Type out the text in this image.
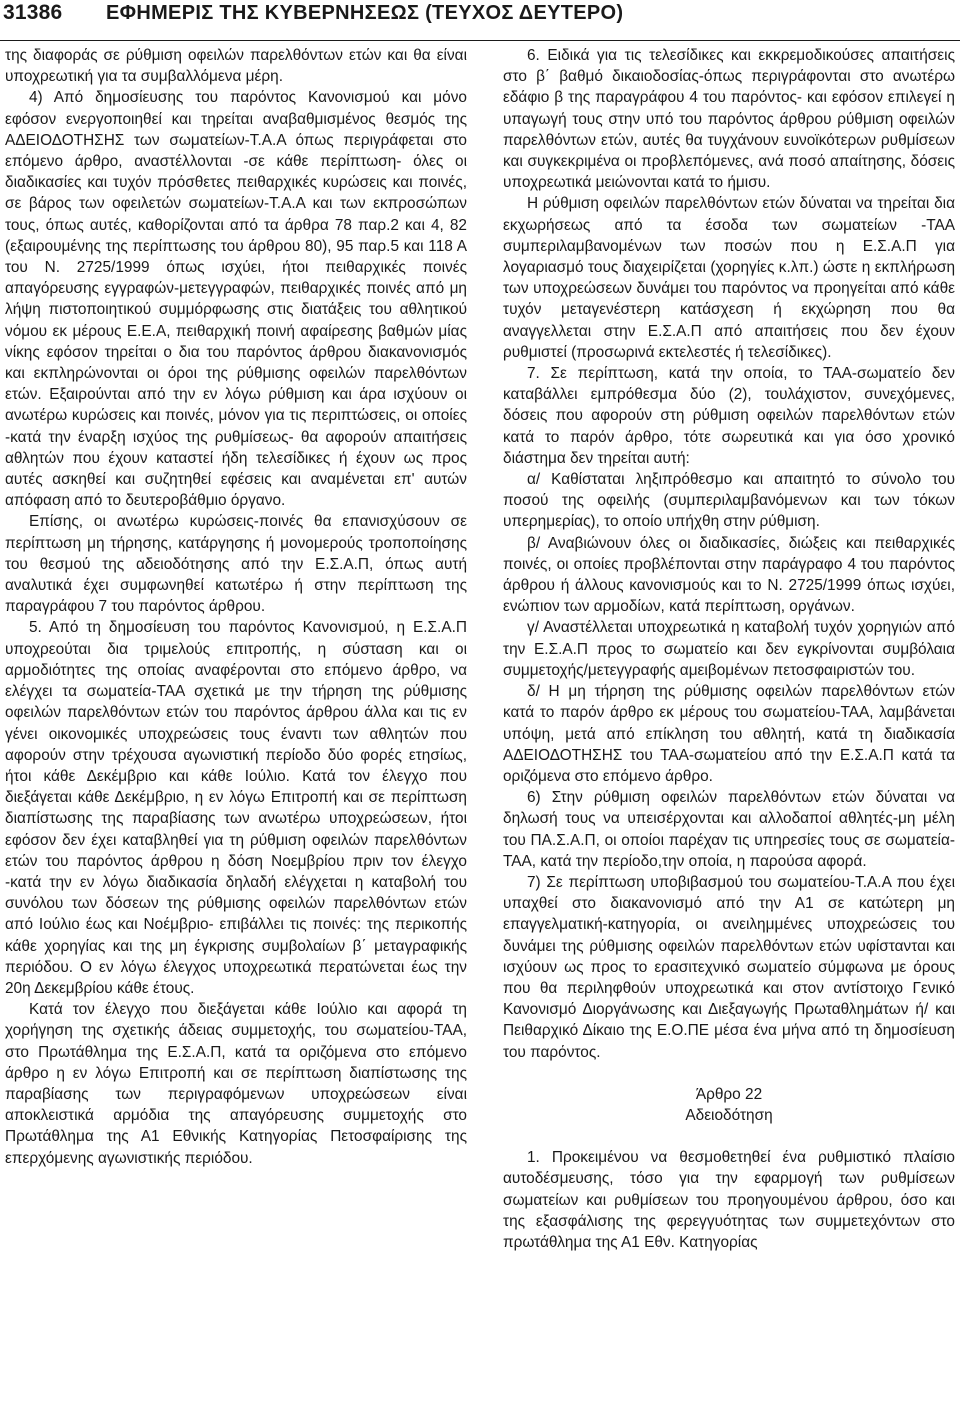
31386 ΕΦΗΜΕΡΙΣ ΤΗΣ ΚΥΒΕΡΝΗΣΕΩΣ (ΤΕΥΧΟΣ ΔΕΥΤΕΡΟ)

της διαφοράς σε ρύθμιση οφειλών παρελθόντων ετών και θα είναι υποχρεωτική για τα συμβαλλόμενα μέρη.

4) Από δημοσίευσης του παρόντος Κανονισμού και μόνο εφόσον ενεργοποιηθεί και τηρείται αναβαθμισμένος θεσμός της ΑΔΕΙΟΔΟΤΗΣΗΣ των σωματείων-Τ.Α.Α όπως περιγράφεται στο επόμενο άρθρο, αναστέλλονται -σε κάθε περίπτωση- όλες οι διαδικασίες και τυχόν πρόσθετες πειθαρχικές κυρώσεις και ποινές, σε βάρος των οφειλετών σωματείων-Τ.Α.Α και των εκπροσώπων τους, όπως αυτές, καθορίζονται από τα άρθρα 78 παρ.2 και 4, 82 (εξαιρουμένης της περίπτωσης του άρθρου 80), 95 παρ.5 και 118 Α του Ν. 2725/1999 όπως ισχύει, ήτοι πειθαρχικές ποινές απαγόρευσης εγγραφών-μετεγγραφών, πειθαρχικές ποινές από μη λήψη πιστοποιητικού συμμόρφωσης στις διατάξεις του αθλητικού νόμου εκ μέρους Ε.Ε.Α, πειθαρχική ποινή αφαίρεσης βαθμών μίας νίκης εφόσον τηρείται ο δια του παρόντος άρθρου διακανονισμός και εκπληρώνονται οι όροι της ρύθμισης οφειλών παρελθόντων ετών. Εξαιρούνται από την εν λόγω ρύθμιση και άρα ισχύουν οι ανωτέρω κυρώσεις και ποινές, μόνον για τις περιπτώσεις, οι οποίες -κατά την έναρξη ισχύος της ρυθμίσεως- θα αφορούν απαιτήσεις αθλητών που έχουν καταστεί ήδη τελεσίδικες ή έχουν ως προς αυτές ασκηθεί και συζητηθεί εφέσεις και αναμένεται επ' αυτών απόφαση από το δευτεροβάθμιο όργανο.

Επίσης, οι ανωτέρω κυρώσεις-ποινές θα επανισχύσουν σε περίπτωση μη τήρησης, κατάργησης ή μονομερούς τροποποίησης του θεσμού της αδειοδότησης από την Ε.Σ.Α.Π, όπως αυτή αναλυτικά έχει συμφωνηθεί κατωτέρω ή στην περίπτωση της παραγράφου 7 του παρόντος άρθρου.

5. Από τη δημοσίευση του παρόντος Κανονισμού, η Ε.Σ.Α.Π υποχρεούται δια τριμελούς επιτροπής, η σύσταση και οι αρμοδιότητες της οποίας αναφέρονται στο επόμενο άρθρο, να ελέγχει τα σωματεία-ΤΑΑ σχετικά με την τήρηση της ρύθμισης οφειλών παρελθόντων ετών του παρόντος άρθρου άλλα και τις εν γένει οικονομικές υποχρεώσεις τους έναντι των αθλητών που αφορούν στην τρέχουσα αγωνιστική περίοδο δύο φορές ετησίως, ήτοι κάθε Δεκέμβριο και κάθε Ιούλιο. Κατά τον έλεγχο που διεξάγεται κάθε Δεκέμβριο, η εν λόγω Επιτροπή και σε περίπτωση διαπίστωσης της παραβίασης των ανωτέρω υποχρεώσεων, ήτοι εφόσον δεν έχει καταβληθεί για τη ρύθμιση οφειλών παρελθόντων ετών του παρόντος άρθρου η δόση Νοεμβρίου πριν τον έλεγχο -κατά την εν λόγω διαδικασία δηλαδή ελέγχεται η καταβολή του συνόλου των δόσεων της ρύθμισης οφειλών παρελθόντων ετών από Ιούλιο έως και Νοέμβριο- επιβάλλει τις ποινές: της περικοπής κάθε χορηγίας και της μη έγκρισης συμβολαίων β΄ μεταγραφικής περιόδου. Ο εν λόγω έλεγχος υποχρεωτικά περατώνεται έως την 20η Δεκεμβρίου κάθε έτους.

Κατά τον έλεγχο που διεξάγεται κάθε Ιούλιο και αφορά τη χορήγηση της σχετικής άδειας συμμετοχής, του σωματείου-ΤΑΑ, στο Πρωτάθλημα της Ε.Σ.Α.Π, κατά τα οριζόμενα στο επόμενο άρθρο η εν λόγω Επιτροπή και σε περίπτωση διαπίστωσης της παραβίασης των περιγραφόμενων υποχρεώσεων είναι αποκλειστικά αρμόδια της απαγόρευσης συμμετοχής στο Πρωτάθλημα της Α1 Εθνικής Κατηγορίας Πετοσφαίρισης της επερχόμενης αγωνιστικής περιόδου.

6. Ειδικά για τις τελεσίδικες και εκκρεμοδικούσες απαιτήσεις στο β΄ βαθμό δικαιοδοσίας-όπως περιγράφονται στο ανωτέρω εδάφιο β της παραγράφου 4 του παρόντος- και εφόσον επιλεγεί η υπαγωγή τους στην υπό του παρόντος άρθρου ρύθμιση οφειλών παρελθόντων ετών, αυτές θα τυγχάνουν ευνοϊκότερων ρυθμίσεων και συγκεκριμένα οι προβλεπόμενες, ανά ποσό απαίτησης, δόσεις υποχρεωτικά μειώνονται κατά το ήμισυ.

Η ρύθμιση οφειλών παρελθόντων ετών δύναται να τηρείται δια εκχωρήσεως από τα έσοδα των σωματείων -ΤΑΑ συμπεριλαμβανομένων των ποσών που η Ε.Σ.Α.Π για λογαριασμό τους διαχειρίζεται (χορηγίες κ.λπ.) ώστε η εκπλήρωση των υποχρεώσεων δυνάμει του παρόντος να προηγείται από κάθε τυχόν μεταγενέστερη κατάσχεση ή εκχώρηση που θα αναγγελλεται στην Ε.Σ.Α.Π από απαιτήσεις που δεν έχουν ρυθμιστεί (προσωρινά εκτελεστές ή τελεσίδικες).

7. Σε περίπτωση, κατά την οποία, το ΤΑΑ-σωματείο δεν καταβάλλει εμπρόθεσμα δύο (2), τουλάχιστον, συνεχόμενες, δόσεις που αφορούν στη ρύθμιση οφειλών παρελθόντων ετών κατά το παρόν άρθρο, τότε σωρευτικά και για όσο χρονικό διάστημα δεν τηρείται αυτή:

α/ Καθίσταται ληξιπρόθεσμο και απαιτητό το σύνολο του ποσού της οφειλής (συμπεριλαμβανόμενων και των τόκων υπερημερίας), το οποίο υπήχθη στην ρύθμιση.

β/ Αναβιώνουν όλες οι διαδικασίες, διώξεις και πειθαρχικές ποινές, οι οποίες προβλέπονται στην παράγραφο 4 του παρόντος άρθρου ή άλλους κανονισμούς και το Ν. 2725/1999 όπως ισχύει, ενώπιον των αρμοδίων, κατά περίπτωση, οργάνων.

γ/ Αναστέλλεται υποχρεωτικά η καταβολή τυχόν χορηγιών από την Ε.Σ.Α.Π προς το σωματείο και δεν εγκρίνονται συμβόλαια συμμετοχής/μετεγγραφής αμειβομένων πετοσφαιριστών του.

δ/ Η μη τήρηση της ρύθμισης οφειλών παρελθόντων ετών κατά το παρόν άρθρο εκ μέρους του σωματείου-ΤΑΑ, λαμβάνεται υπόψη, μετά από επίκληση του αθλητή, κατά τη διαδικασία ΑΔΕΙΟΔΟΤΗΣΗΣ του ΤΑΑ-σωματείου από την Ε.Σ.Α.Π κατά τα οριζόμενα στο επόμενο άρθρο.

6) Στην ρύθμιση οφειλών παρελθόντων ετών δύναται να δηλωσή τους να υπεισέρχονται και αλλοδαποί αθλητές-μη μέλη του ΠΑ.Σ.Α.Π, οι οποίοι παρέχαν τις υπηρεσίες τους σε σωματεία-ΤΑΑ, κατά την περίοδο,την οποία, η παρούσα αφορά.

7) Σε περίπτωση υποβιβασμού του σωματείου-Τ.Α.Α που έχει υπαχθεί στο διακανονισμό από την Α1 σε κατώτερη μη επαγγελματική-κατηγορία, οι ανειλημμένες υποχρεώσεις του δυνάμει της ρύθμισης οφειλών παρελθόντων ετών υφίστανται και ισχύουν ως προς το ερασιτεχνικό σωματείο σύμφωνα με όρους που θα περιληφθούν υποχρεωτικά και στον αντίστοιχο Γενικό Κανονισμό Διοργάνωσης και Διεξαγωγής Πρωταθλημάτων ή/ και Πειθαρχικό Δίκαιο της Ε.Ο.ΠΕ μέσα ένα μήνα από τη δημοσίευση του παρόντος.

Άρθρο 22

Αδειοδότηση

1. Προκειμένου να θεσμοθετηθεί ένα ρυθμιστικό πλαίσιο αυτοδέσμευσης, τόσο για την εφαρμογή των ρυθμίσεων σωματείων και ρυθμίσεων του προηγουμένου άρθρου, όσο και της εξασφάλισης της φερεγγυότητας των συμμετεχόντων στο πρωτάθλημα της Α1 Εθν. Κατηγορίας
